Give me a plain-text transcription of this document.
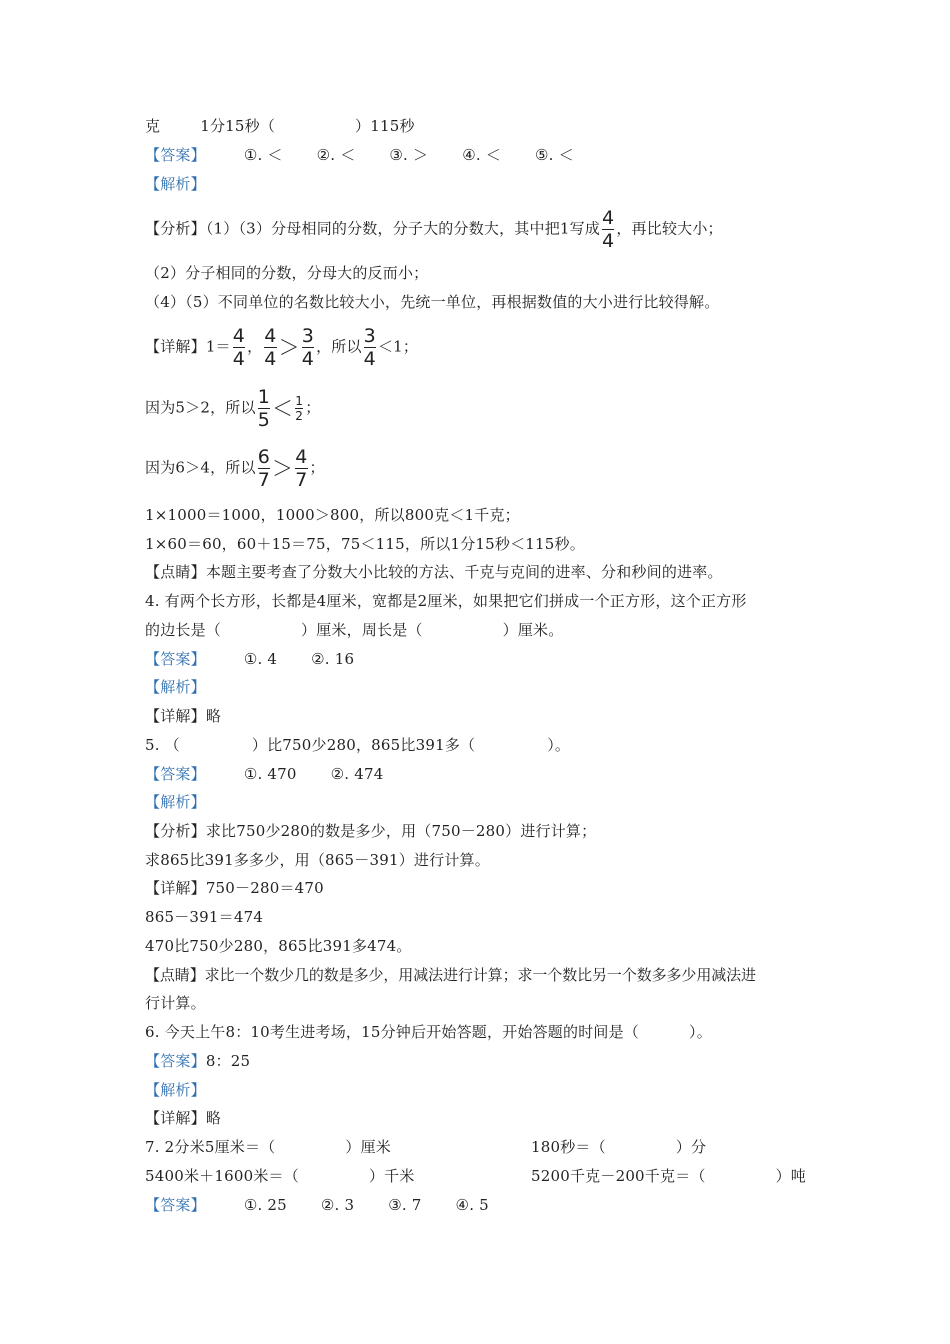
克	1分15秒（	）115秒
【答案】	①. ＜ ②. ＜ ③. ＞ ④. ＜ ⑤. ＜
【解析】
【分析】（1）（3）分母相同的分数，分子大的分数大，其中把1写成 $\frac{4}{4}$ ，再比较大小；
（2）分子相同的分数，分母大的反而小；
（4）（5）不同单位的名数比较大小，先统一单位，再根据数值的大小进行比较得解。
【详解】$1= \frac{4}{4}$ ， $\frac{4}{4} > \frac{3}{4}$ ，所以 $\frac{3}{4} <1$；
因为5＞2，所以 $\frac{1}{5} < \frac{1}{2}$ ；
因为6＞4，所以 $\frac{6}{7} > \frac{4}{7}$ ；
1×1000＝1000，1000＞800，所以800克＜1千克；
1×60＝60，60＋15＝75，75＜115，所以1分15秒＜115秒。
【点睛】本题主要考查了分数大小比较的方法、千克与克间的进率、分和秒间的进率。
4. 有两个长方形，长都是4厘米，宽都是2厘米，如果把它们拼成一个正方形，这个正方形
的边长是（	）厘米，周长是（	）厘米。
【答案】	①. 4 ②. 16
【解析】
【详解】略
5. （	）比750少280，865比391多（	）。
【答案】	①. 470 ②. 474
【解析】
【分析】求比750少280的数是多少，用（750－280）进行计算；
求865比391多多少，用（865－391）进行计算。
【详解】750－280＝470
865－391＝474
470比750少280，865比391多474。
【点睛】求比一个数少几的数是多少，用减法进行计算；求一个数比另一个数多多少用减法进
行计算。
6. 今天上午8：10考生进考场，15分钟后开始答题，开始答题的时间是（	）。
【答案】8：25
【解析】
【详解】略
7. 2分米5厘米＝（	）厘米	180秒＝（	）分
5400米＋1600米＝（	）千米	5200千克－200千克＝（	）吨
【答案】	①. 25 ②. 3 ③. 7 ④. 5
